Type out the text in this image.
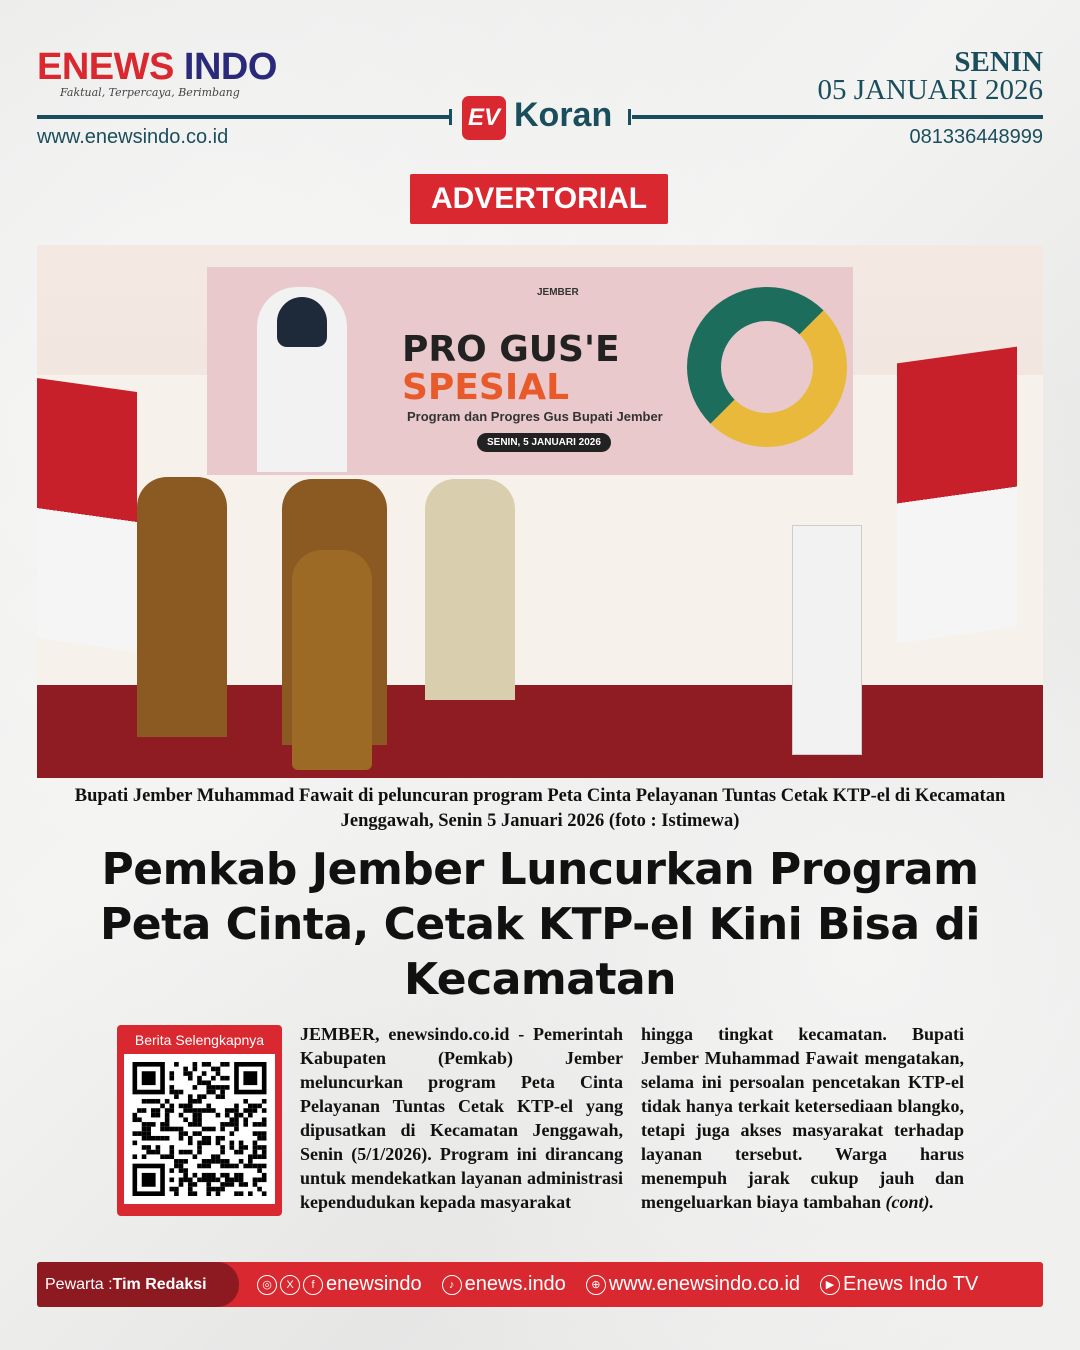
ENEWS INDO
Faktual, Terpercaya, Berimbang
EV Koran
SENIN
05 JANUARI 2026
www.enewsindo.co.id	081336448999
ADVERTORIAL
JEMBER
PRO GUS'E
SPESIAL
Program dan Progres Gus Bupati Jember
SENIN, 5 JANUARI 2026
Bupati Jember Muhammad Fawait di peluncuran program Peta Cinta Pelayanan Tuntas Cetak KTP-el di Kecamatan Jenggawah, Senin 5 Januari 2026 (foto : Istimewa)
Pemkab Jember Luncurkan Program Peta Cinta, Cetak KTP-el Kini Bisa di Kecamatan
Berita Selengkapnya	JEMBER, enewsindo.co.id - Pemerintah Kabupaten (Pemkab) Jember meluncurkan program Peta Cinta Pelayanan Tuntas Cetak KTP-el yang dipusatkan di Kecamatan Jenggawah, Senin (5/1/2026). Program ini dirancang untuk mendekatkan layanan administrasi kependudukan kepada masyarakat
hingga tingkat kecamatan. Bupati Jember Muhammad Fawait mengatakan, selama ini persoalan pencetakan KTP-el tidak hanya terkait ketersediaan blangko, tetapi juga akses masyarakat terhadap layanan tersebut. Warga harus menempuh jarak cukup jauh dan mengeluarkan biaya tambahan (cont).
Pewarta : Tim Redaksi	◎	X	f enewsindo	♪ enews.indo	⊕ www.enewsindo.co.id	▶ Enews Indo TV
